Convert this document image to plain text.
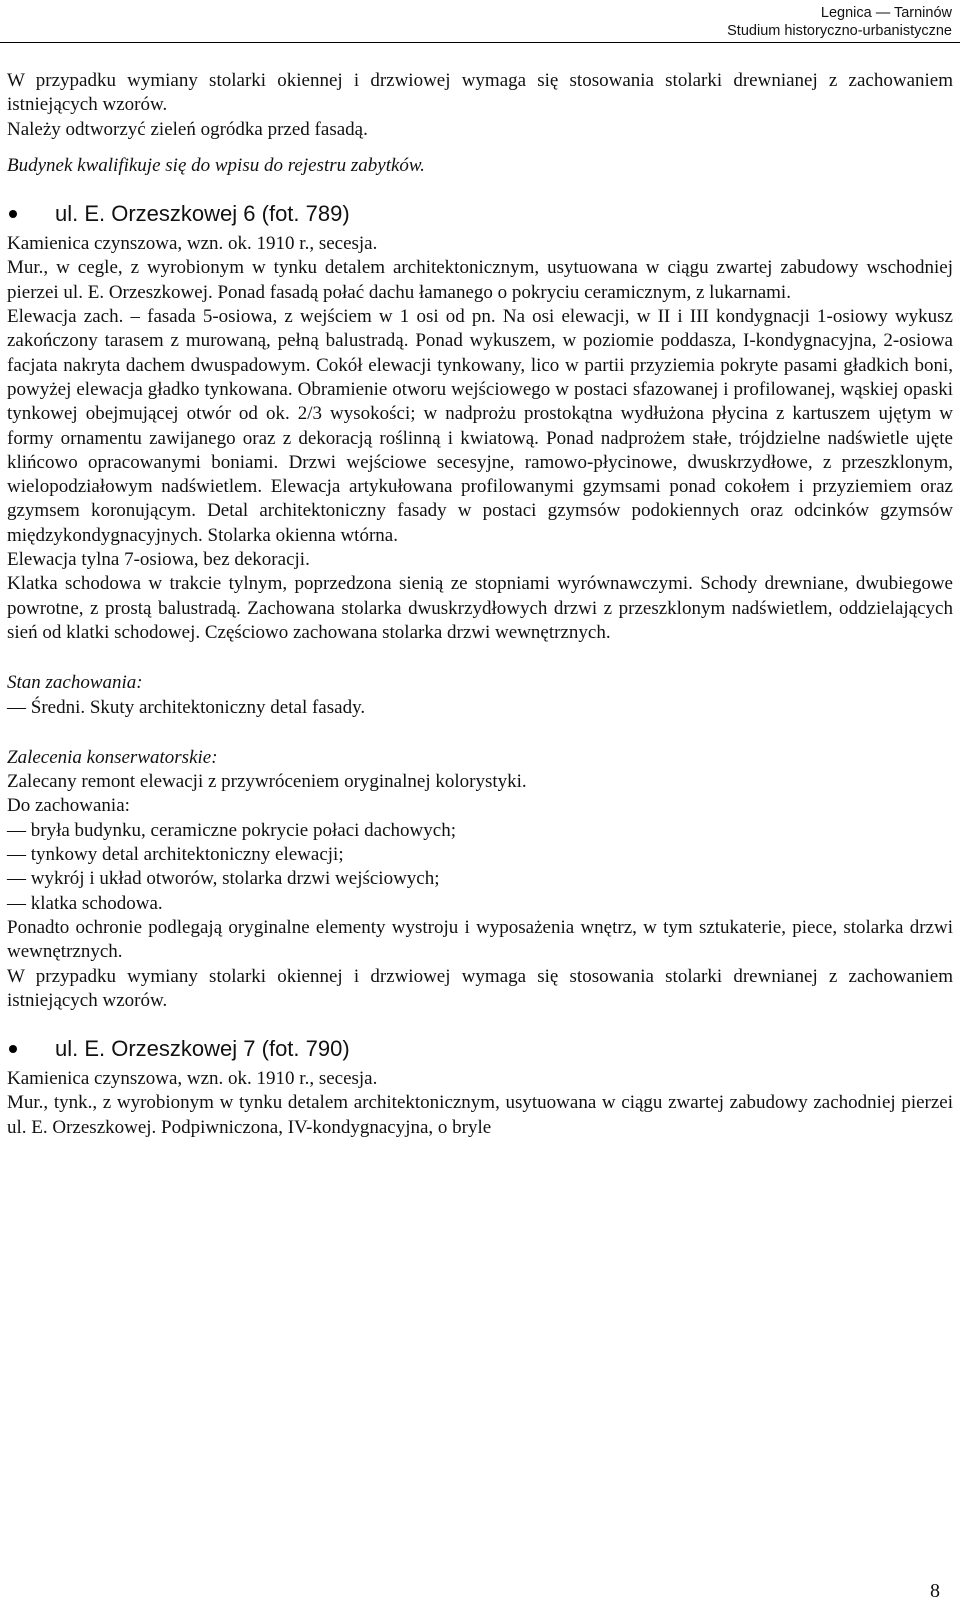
Legnica — Tarninów
Studium historyczno-urbanistyczne

W przypadku wymiany stolarki okiennej i drzwiowej wymaga się stosowania stolarki drewnianej z zachowaniem istniejących wzorów.

Należy odtworzyć zieleń ogródka przed fasadą.

Budynek kwalifikuje się do wpisu do rejestru zabytków.

ul. E. Orzeszkowej 6 (fot. 789)

Kamienica czynszowa, wzn. ok. 1910 r., secesja.

Mur., w cegle, z wyrobionym w tynku detalem architektonicznym, usytuowana w ciągu zwartej zabudowy wschodniej pierzei ul. E. Orzeszkowej. Ponad fasadą połać dachu łamanego o pokryciu ceramicznym, z lukarnami.

Elewacja zach. – fasada 5-osiowa, z wejściem w 1 osi od pn. Na osi elewacji, w II i III kondygnacji 1-osiowy wykusz zakończony tarasem z murowaną, pełną balustradą. Ponad wykuszem, w poziomie poddasza, I-kondygnacyjna, 2-osiowa facjata nakryta dachem dwuspadowym. Cokół elewacji tynkowany, lico w partii przyziemia pokryte pasami gładkich boni, powyżej elewacja gładko tynkowana. Obramienie otworu wejściowego w postaci sfazowanej i profilowanej, wąskiej opaski tynkowej obejmującej otwór od ok. 2/3 wysokości; w nadprożu prostokątna wydłużona płycina z kartuszem ujętym w formy ornamentu zawijanego oraz z dekoracją roślinną i kwiatową. Ponad nadprożem stałe, trójdzielne nadświetle ujęte klińcowo opracowanymi boniami. Drzwi wejściowe secesyjne, ramowo-płycinowe, dwuskrzydłowe, z przeszklonym, wielopodziałowym nadświetlem. Elewacja artykułowana profilowanymi gzymsami ponad cokołem i przyziemiem oraz gzymsem koronującym. Detal architektoniczny fasady w postaci gzymsów podokiennych oraz odcinków gzymsów międzykondygnacyjnych. Stolarka okienna wtórna.

Elewacja tylna 7-osiowa, bez dekoracji.

Klatka schodowa w trakcie tylnym, poprzedzona sienią ze stopniami wyrównawczymi. Schody drewniane, dwubiegowe powrotne, z prostą balustradą. Zachowana stolarka dwuskrzydłowych drzwi z przeszklonym nadświetlem, oddzielających sień od klatki schodowej. Częściowo zachowana stolarka drzwi wewnętrznych.

Stan zachowania:

— Średni. Skuty architektoniczny detal fasady.

Zalecenia konserwatorskie:

Zalecany remont elewacji z przywróceniem oryginalnej kolorystyki.

Do zachowania:

— bryła budynku, ceramiczne pokrycie połaci dachowych;

— tynkowy detal architektoniczny elewacji;

— wykrój i układ otworów, stolarka drzwi wejściowych;

— klatka schodowa.

Ponadto ochronie podlegają oryginalne elementy wystroju i wyposażenia wnętrz, w tym sztukaterie, piece, stolarka drzwi wewnętrznych.

W przypadku wymiany stolarki okiennej i drzwiowej wymaga się stosowania stolarki drewnianej z zachowaniem istniejących wzorów.

ul. E. Orzeszkowej 7 (fot. 790)

Kamienica czynszowa, wzn. ok. 1910 r., secesja.

Mur., tynk., z wyrobionym w tynku detalem architektonicznym, usytuowana w ciągu zwartej zabudowy zachodniej pierzei ul. E. Orzeszkowej. Podpiwniczona, IV-kondygnacyjna, o bryle

8
